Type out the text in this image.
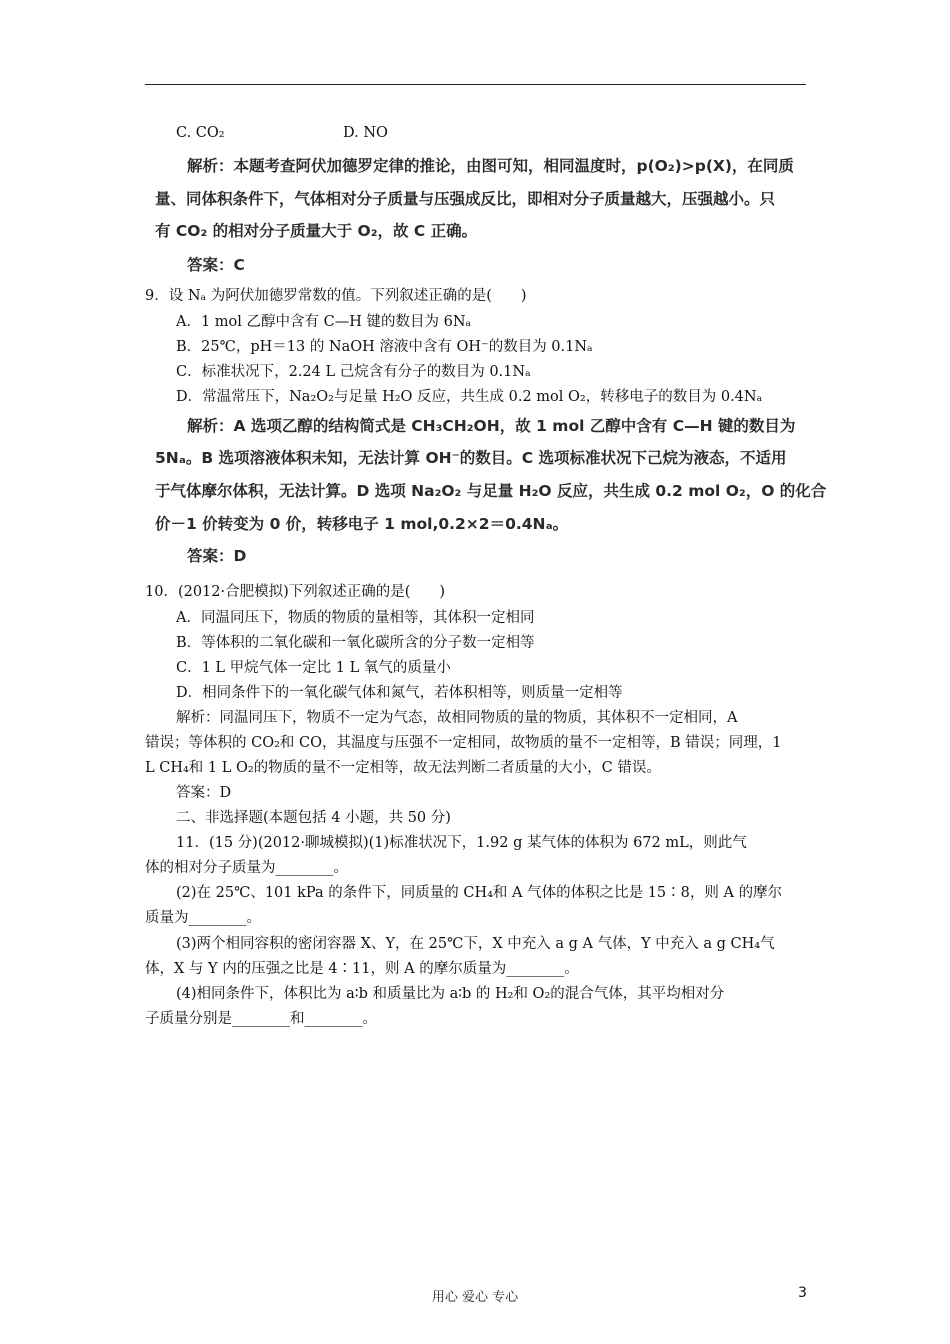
C. CO₂	D. NO
解析：本题考查阿伏加德罗定律的推论，由图可知，相同温度时，p(O₂)>p(X)，在同质
量、同体积条件下，气体相对分子质量与压强成反比，即相对分子质量越大，压强越小。只
有 CO₂ 的相对分子质量大于 O₂，故 C 正确。
答案：C
9．设 Nₐ 为阿伏加德罗常数的值。下列叙述正确的是(　　)
A．1 mol 乙醇中含有 C—H 键的数目为 6Nₐ
B．25℃，pH＝13 的 NaOH 溶液中含有 OH⁻的数目为 0.1Nₐ
C．标准状况下，2.24 L 己烷含有分子的数目为 0.1Nₐ
D．常温常压下，Na₂O₂与足量 H₂O 反应，共生成 0.2 mol O₂，转移电子的数目为 0.4Nₐ
解析：A 选项乙醇的结构简式是 CH₃CH₂OH，故 1 mol 乙醇中含有 C—H 键的数目为
5Nₐ。B 选项溶液体积未知，无法计算 OH⁻的数目。C 选项标准状况下己烷为液态，不适用
于气体摩尔体积，无法计算。D 选项 Na₂O₂ 与足量 H₂O 反应，共生成 0.2 mol O₂，O 的化合
价－1 价转变为 0 价，转移电子 1 mol,0.2×2＝0.4Nₐ。
答案：D
10．(2012·合肥模拟)下列叙述正确的是(　　)
A．同温同压下，物质的物质的量相等，其体积一定相同
B．等体积的二氧化碳和一氧化碳所含的分子数一定相等
C．1 L 甲烷气体一定比 1 L 氧气的质量小
D．相同条件下的一氧化碳气体和氮气，若体积相等，则质量一定相等
解析：同温同压下，物质不一定为气态，故相同物质的量的物质，其体积不一定相同，A
错误；等体积的 CO₂和 CO，其温度与压强不一定相同，故物质的量不一定相等，B 错误；同理，1
L CH₄和 1 L O₂的物质的量不一定相等，故无法判断二者质量的大小，C 错误。
答案：D
二、非选择题(本题包括 4 小题，共 50 分)
11．(15 分)(2012·聊城模拟)(1)标准状况下，1.92 g 某气体的体积为 672 mL，则此气
体的相对分子质量为________。
(2)在 25℃、101 kPa 的条件下，同质量的 CH₄和 A 气体的体积之比是 15∶8，则 A 的摩尔
质量为________。
(3)两个相同容积的密闭容器 X、Y，在 25℃下，X 中充入 a g A 气体，Y 中充入 a g CH₄气
体，X 与 Y 内的压强之比是 4∶11，则 A 的摩尔质量为________。
(4)相同条件下，体积比为 a∶b 和质量比为 a∶b 的 H₂和 O₂的混合气体，其平均相对分
子质量分别是________和________。
用心 爱心 专心	3
